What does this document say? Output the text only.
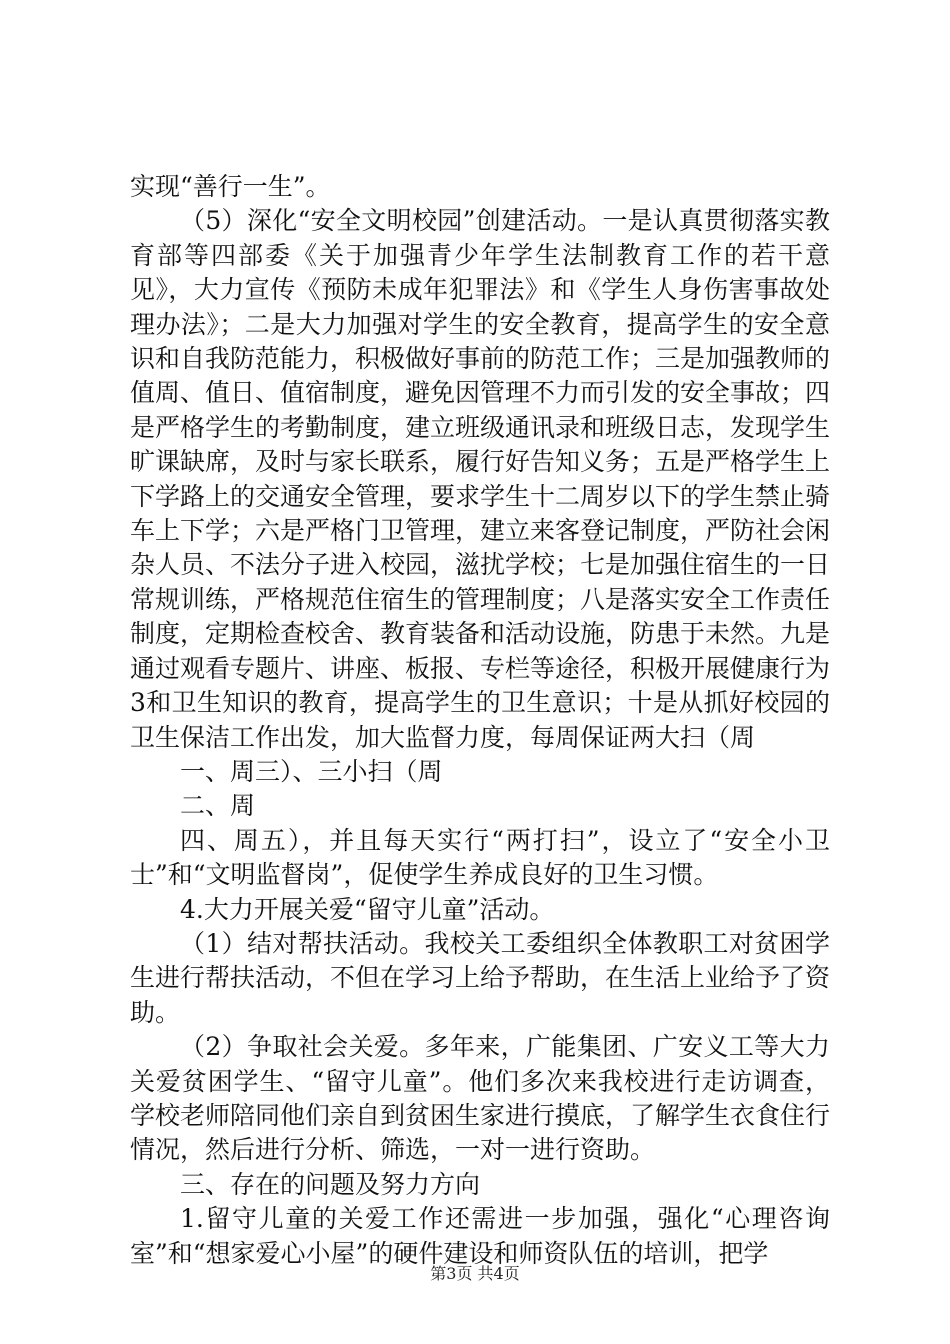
实现“善行一生”。

（5）深化“安全文明校园”创建活动。一是认真贯彻落实教育部等四部委《关于加强青少年学生法制教育工作的若干意见》，大力宣传《预防未成年犯罪法》和《学生人身伤害事故处理办法》；二是大力加强对学生的安全教育，提高学生的安全意识和自我防范能力，积极做好事前的防范工作；三是加强教师的值周、值日、值宿制度，避免因管理不力而引发的安全事故；四是严格学生的考勤制度，建立班级通讯录和班级日志，发现学生旷课缺席，及时与家长联系，履行好告知义务；五是严格学生上下学路上的交通安全管理，要求学生十二周岁以下的学生禁止骑车上下学；六是严格门卫管理，建立来客登记制度，严防社会闲杂人员、不法分子进入校园，滋扰学校；七是加强住宿生的一日常规训练，严格规范住宿生的管理制度；八是落实安全工作责任制度，定期检查校舍、教育装备和活动设施，防患于未然。九是通过观看专题片、讲座、板报、专栏等途径，积极开展健康行为3和卫生知识的教育，提高学生的卫生意识；十是从抓好校园的卫生保洁工作出发，加大监督力度，每周保证两大扫（周

一、周三）、三小扫（周

二、周

四、周五），并且每天实行“两打扫”，设立了“安全小卫士”和“文明监督岗”，促使学生养成良好的卫生习惯。

4.大力开展关爱“留守儿童”活动。

（1）结对帮扶活动。我校关工委组织全体教职工对贫困学生进行帮扶活动，不但在学习上给予帮助，在生活上业给予了资助。

（2）争取社会关爱。多年来，广能集团、广安义工等大力关爱贫困学生、“留守儿童”。他们多次来我校进行走访调查，学校老师陪同他们亲自到贫困生家进行摸底，了解学生衣食住行情况，然后进行分析、筛选，一对一进行资助。

三、存在的问题及努力方向

1.留守儿童的关爱工作还需进一步加强，强化“心理咨询室”和“想家爱心小屋”的硬件建设和师资队伍的培训，把学

第3页 共4页
